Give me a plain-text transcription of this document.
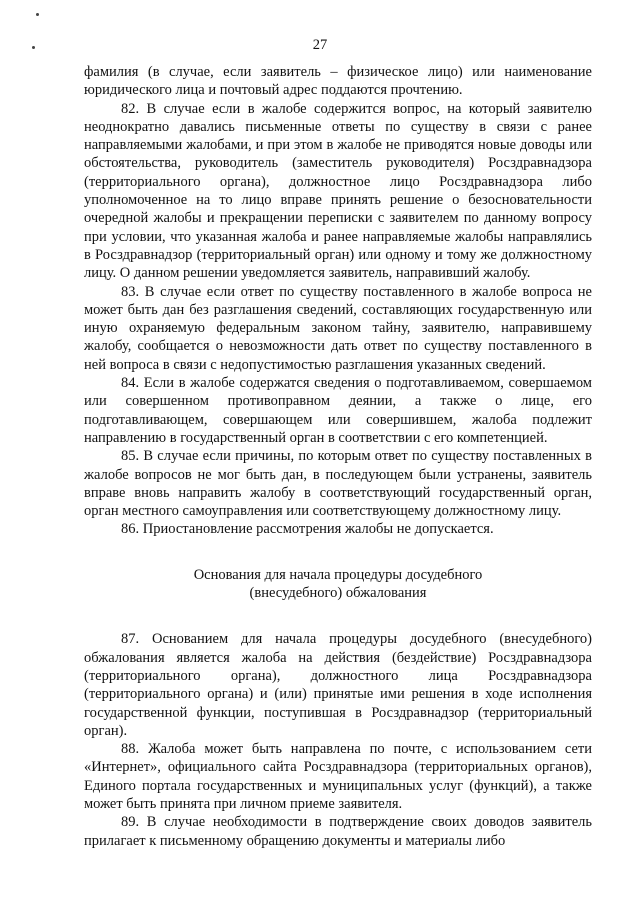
27

фамилия (в случае, если заявитель – физическое лицо) или наименование юридического лица и почтовый адрес поддаются прочтению.

82. В случае если в жалобе содержится вопрос, на который заявителю неоднократно давались письменные ответы по существу в связи с ранее направляемыми жалобами, и при этом в жалобе не приводятся новые доводы или обстоятельства, руководитель (заместитель руководителя) Росздравнадзора (территориального органа), должностное лицо Росздравнадзора либо уполномоченное на то лицо вправе принять решение о безосновательности очередной жалобы и прекращении переписки с заявителем по данному вопросу при условии, что указанная жалоба и ранее направляемые жалобы направлялись в Росздравнадзор (территориальный орган) или одному и тому же должностному лицу. О данном решении уведомляется заявитель, направивший жалобу.

83. В случае если ответ по существу поставленного в жалобе вопроса не может быть дан без разглашения сведений, составляющих государственную или иную охраняемую федеральным законом тайну, заявителю, направившему жалобу, сообщается о невозможности дать ответ по существу поставленного в ней вопроса в связи с недопустимостью разглашения указанных сведений.

84. Если в жалобе содержатся сведения о подготавливаемом, совершаемом или совершенном противоправном деянии, а также о лице, его подготавливающем, совершающем или совершившем, жалоба подлежит направлению в государственный орган в соответствии с его компетенцией.

85. В случае если причины, по которым ответ по существу поставленных в жалобе вопросов не мог быть дан, в последующем были устранены, заявитель вправе вновь направить жалобу в соответствующий государственный орган, орган местного самоуправления или соответствующему должностному лицу.

86. Приостановление рассмотрения жалобы не допускается.

Основания для начала процедуры досудебного
(внесудебного) обжалования

87. Основанием для начала процедуры досудебного (внесудебного) обжалования является жалоба на действия (бездействие) Росздравнадзора (территориального органа), должностного лица Росздравнадзора (территориального органа) и (или) принятые ими решения в ходе исполнения государственной функции, поступившая в Росздравнадзор (территориальный орган).

88. Жалоба может быть направлена по почте, с использованием сети «Интернет», официального сайта Росздравнадзора (территориальных органов), Единого портала государственных и муниципальных услуг (функций), а также может быть принята при личном приеме заявителя.

89. В случае необходимости в подтверждение своих доводов заявитель прилагает к письменному обращению документы и материалы либо
